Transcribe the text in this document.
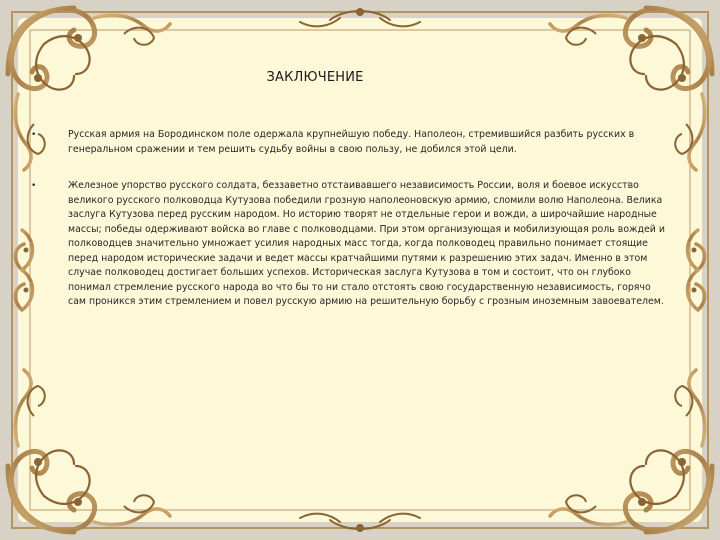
ЗАКЛЮЧЕНИЕ
•	Русская армия на Бородинском поле одержала крупнейшую победу. Наполеон, стремившийся разбить русских в генеральном сражении и тем решить судьбу войны в свою пользу, не добился этой цели.
•	Железное упорство русского солдата, беззаветно отстаивавшего независимость России, воля и боевое искусство великого русского полководца Кутузова победили грозную наполеоновскую армию, сломили волю Наполеона. Велика заслуга Кутузова перед русским народом. Но историю творят не отдельные герои и вожди, а широчайшие народные массы; победы одерживают войска во главе с полководцами. При этом организующая и мобилизующая роль вождей и полководцев значительно умножает усилия народных масс тогда, когда полководец правильно понимает стоящие перед народом исторические задачи и ведет массы кратчайшими путями к разрешению этих задач. Именно в этом случае полководец достигает больших успехов. Историческая заслуга Кутузова в том и состоит, что он глубоко понимал стремление русского народа во что бы то ни стало отстоять свою государственную независимость, горячо сам проникся этим стремлением и повел русскую армию на решительную борьбу с грозным иноземным завоевателем.
